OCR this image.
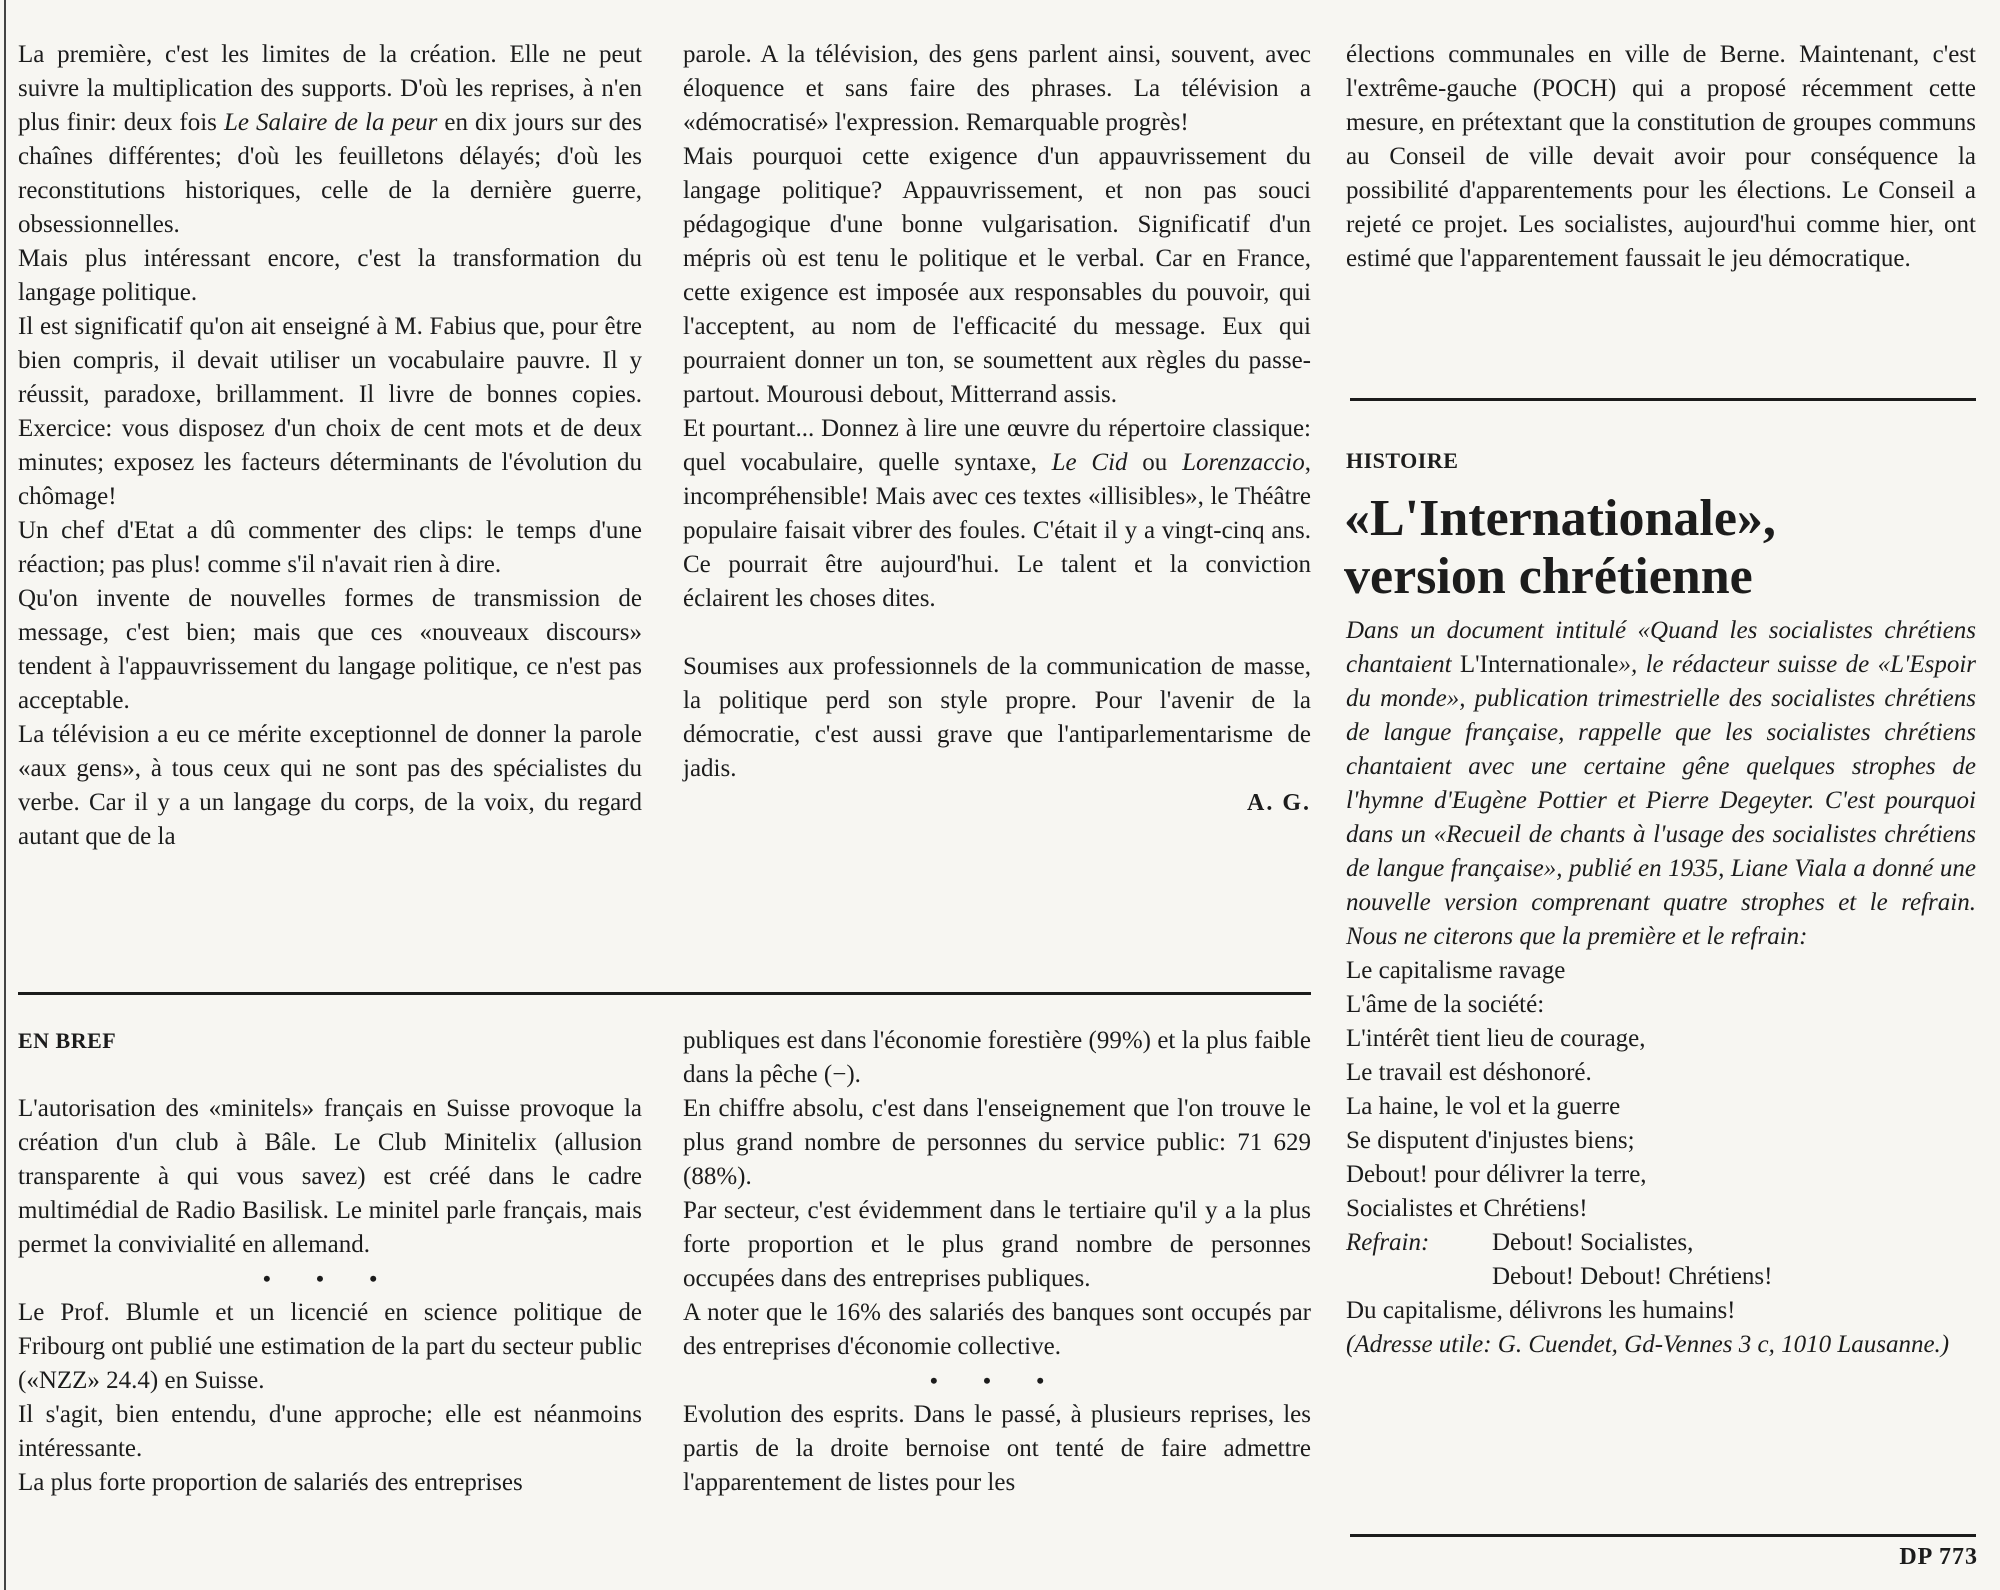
La première, c'est les limites de la création. Elle ne peut suivre la multiplication des supports. D'où les reprises, à n'en plus finir: deux fois Le Salaire de la peur en dix jours sur des chaînes différentes; d'où les feuilletons délayés; d'où les reconstitutions historiques, celle de la dernière guerre, obsessionnelles.

Mais plus intéressant encore, c'est la transformation du langage politique.

Il est significatif qu'on ait enseigné à M. Fabius que, pour être bien compris, il devait utiliser un vocabulaire pauvre. Il y réussit, paradoxe, brillamment. Il livre de bonnes copies. Exercice: vous disposez d'un choix de cent mots et de deux minutes; exposez les facteurs déterminants de l'évolution du chômage!

Un chef d'Etat a dû commenter des clips: le temps d'une réaction; pas plus! comme s'il n'avait rien à dire.

Qu'on invente de nouvelles formes de transmission de message, c'est bien; mais que ces «nouveaux discours» tendent à l'appauvrissement du langage politique, ce n'est pas acceptable.

La télévision a eu ce mérite exceptionnel de donner la parole «aux gens», à tous ceux qui ne sont pas des spécialistes du verbe. Car il y a un langage du corps, de la voix, du regard autant que de la

parole. A la télévision, des gens parlent ainsi, souvent, avec éloquence et sans faire des phrases. La télévision a «démocratisé» l'expression. Remarquable progrès!

Mais pourquoi cette exigence d'un appauvrissement du langage politique? Appauvrissement, et non pas souci pédagogique d'une bonne vulgarisation. Significatif d'un mépris où est tenu le politique et le verbal. Car en France, cette exigence est imposée aux responsables du pouvoir, qui l'acceptent, au nom de l'efficacité du message. Eux qui pourraient donner un ton, se soumettent aux règles du passe-partout. Mourousi debout, Mitterrand assis.

Et pourtant... Donnez à lire une œuvre du répertoire classique: quel vocabulaire, quelle syntaxe, Le Cid ou Lorenzaccio, incompréhensible! Mais avec ces textes «illisibles», le Théâtre populaire faisait vibrer des foules. C'était il y a vingt-cinq ans. Ce pourrait être aujourd'hui. Le talent et la conviction éclairent les choses dites.

Soumises aux professionnels de la communication de masse, la politique perd son style propre. Pour l'avenir de la démocratie, c'est aussi grave que l'antiparlementarisme de jadis.

A. G.

EN BREF

L'autorisation des «minitels» français en Suisse provoque la création d'un club à Bâle. Le Club Minitelix (allusion transparente à qui vous savez) est créé dans le cadre multimédial de Radio Basilisk. Le minitel parle français, mais permet la convivialité en allemand.

• • •

Le Prof. Blumle et un licencié en science politique de Fribourg ont publié une estimation de la part du secteur public («NZZ» 24.4) en Suisse.

Il s'agit, bien entendu, d'une approche; elle est néanmoins intéressante.

La plus forte proportion de salariés des entreprises

publiques est dans l'économie forestière (99%) et la plus faible dans la pêche (−).

En chiffre absolu, c'est dans l'enseignement que l'on trouve le plus grand nombre de personnes du service public: 71 629 (88%).

Par secteur, c'est évidemment dans le tertiaire qu'il y a la plus forte proportion et le plus grand nombre de personnes occupées dans des entreprises publiques.

A noter que le 16% des salariés des banques sont occupés par des entreprises d'économie collective.

• • •

Evolution des esprits. Dans le passé, à plusieurs reprises, les partis de la droite bernoise ont tenté de faire admettre l'apparentement de listes pour les

élections communales en ville de Berne. Maintenant, c'est l'extrême-gauche (POCH) qui a proposé récemment cette mesure, en prétextant que la constitution de groupes communs au Conseil de ville devait avoir pour conséquence la possibilité d'apparentements pour les élections. Le Conseil a rejeté ce projet. Les socialistes, aujourd'hui comme hier, ont estimé que l'apparentement faussait le jeu démocratique.

HISTOIRE

«L'Internationale»,
version chrétienne

Dans un document intitulé «Quand les socialistes chrétiens chantaient L'Internationale», le rédacteur suisse de «L'Espoir du monde», publication trimestrielle des socialistes chrétiens de langue française, rappelle que les socialistes chrétiens chantaient avec une certaine gêne quelques strophes de l'hymne d'Eugène Pottier et Pierre Degeyter. C'est pourquoi dans un «Recueil de chants à l'usage des socialistes chrétiens de langue française», publié en 1935, Liane Viala a donné une nouvelle version comprenant quatre strophes et le refrain. Nous ne citerons que la première et le refrain:

Le capitalisme ravage

L'âme de la société:

L'intérêt tient lieu de courage,

Le travail est déshonoré.

La haine, le vol et la guerre

Se disputent d'injustes biens;

Debout! pour délivrer la terre,

Socialistes et Chrétiens!

Refrain:	Debout! Socialistes,

Debout! Debout! Chrétiens!

Du capitalisme, délivrons les humains!

(Adresse utile: G. Cuendet, Gd-Vennes 3 c, 1010 Lausanne.)

DP 773
